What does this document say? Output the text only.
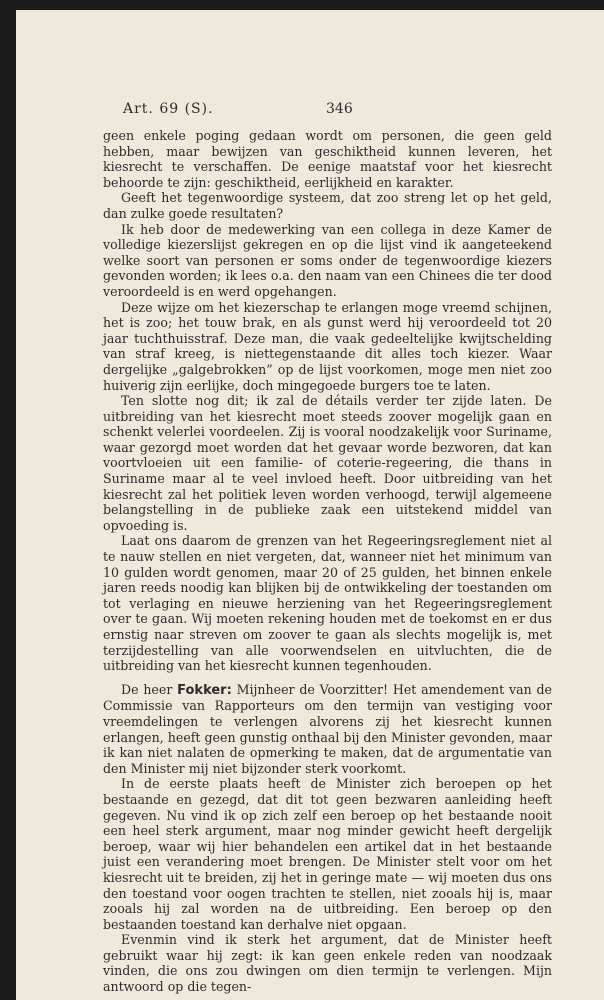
Art. 69 (S).	346

geen enkele poging gedaan wordt om personen, die geen geld hebben, maar bewijzen van geschiktheid kunnen leveren, het kiesrecht te verschaffen. De eenige maatstaf voor het kiesrecht behoorde te zijn: geschiktheid, eerlijkheid en karakter.

Geeft het tegenwoordige systeem, dat zoo streng let op het geld, dan zulke goede resultaten?

Ik heb door de medewerking van een collega in deze Kamer de volledige kiezerslijst gekregen en op die lijst vind ik aangeteekend welke soort van personen er soms onder de tegenwoordige kiezers gevonden worden; ik lees o.a. den naam van een Chinees die ter dood veroordeeld is en werd opgehangen.

Deze wijze om het kiezerschap te erlangen moge vreemd schijnen, het is zoo; het touw brak, en als gunst werd hij veroordeeld tot 20 jaar tuchthuisstraf. Deze man, die vaak gedeeltelijke kwijtschelding van straf kreeg, is niettegenstaande dit alles toch kiezer. Waar dergelijke „galgebrokken” op de lijst voorkomen, moge men niet zoo huiverig zijn eerlijke, doch mingegoede burgers toe te laten.

Ten slotte nog dit; ik zal de détails verder ter zijde laten. De uitbreiding van het kiesrecht moet steeds zoover mogelijk gaan en schenkt velerlei voordeelen. Zij is vooral noodzakelijk voor Suriname, waar gezorgd moet worden dat het gevaar worde bezworen, dat kan voortvloeien uit een familie- of coterie-regeering, die thans in Suriname maar al te veel invloed heeft. Door uitbreiding van het kiesrecht zal het politiek leven worden verhoogd, terwijl algemeene belangstelling in de publieke zaak een uitstekend middel van opvoeding is.

Laat ons daarom de grenzen van het Regeeringsreglement niet al te nauw stellen en niet vergeten, dat, wanneer niet het minimum van 10 gulden wordt genomen, maar 20 of 25 gulden, het binnen enkele jaren reeds noodig kan blijken bij de ontwikkeling der toestanden om tot verlaging en nieuwe herziening van het Regeeringsreglement over te gaan. Wij moeten rekening houden met de toekomst en er dus ernstig naar streven om zoover te gaan als slechts mogelijk is, met terzijdestelling van alle voorwendselen en uitvluchten, die de uitbreiding van het kiesrecht kunnen tegenhouden.

De heer Fokker: Mijnheer de Voorzitter! Het amendement van de Commissie van Rapporteurs om den termijn van vestiging voor vreemdelingen te verlengen alvorens zij het kiesrecht kunnen erlangen, heeft geen gunstig onthaal bij den Minister gevonden, maar ik kan niet nalaten de opmerking te maken, dat de argumentatie van den Minister mij niet bijzonder sterk voorkomt.

In de eerste plaats heeft de Minister zich beroepen op het bestaande en gezegd, dat dit tot geen bezwaren aanleiding heeft gegeven. Nu vind ik op zich zelf een beroep op het bestaande nooit een heel sterk argument, maar nog minder gewicht heeft dergelijk beroep, waar wij hier behandelen een artikel dat in het bestaande juist een verandering moet brengen. De Minister stelt voor om het kiesrecht uit te breiden, zij het in geringe mate — wij moeten dus ons den toestand voor oogen trachten te stellen, niet zooals hij is, maar zooals hij zal worden na de uitbreiding. Een beroep op den bestaanden toestand kan derhalve niet opgaan.

Evenmin vind ik sterk het argument, dat de Minister heeft gebruikt waar hij zegt: ik kan geen enkele reden van noodzaak vinden, die ons zou dwingen om dien termijn te verlengen. Mijn antwoord op die tegen-
